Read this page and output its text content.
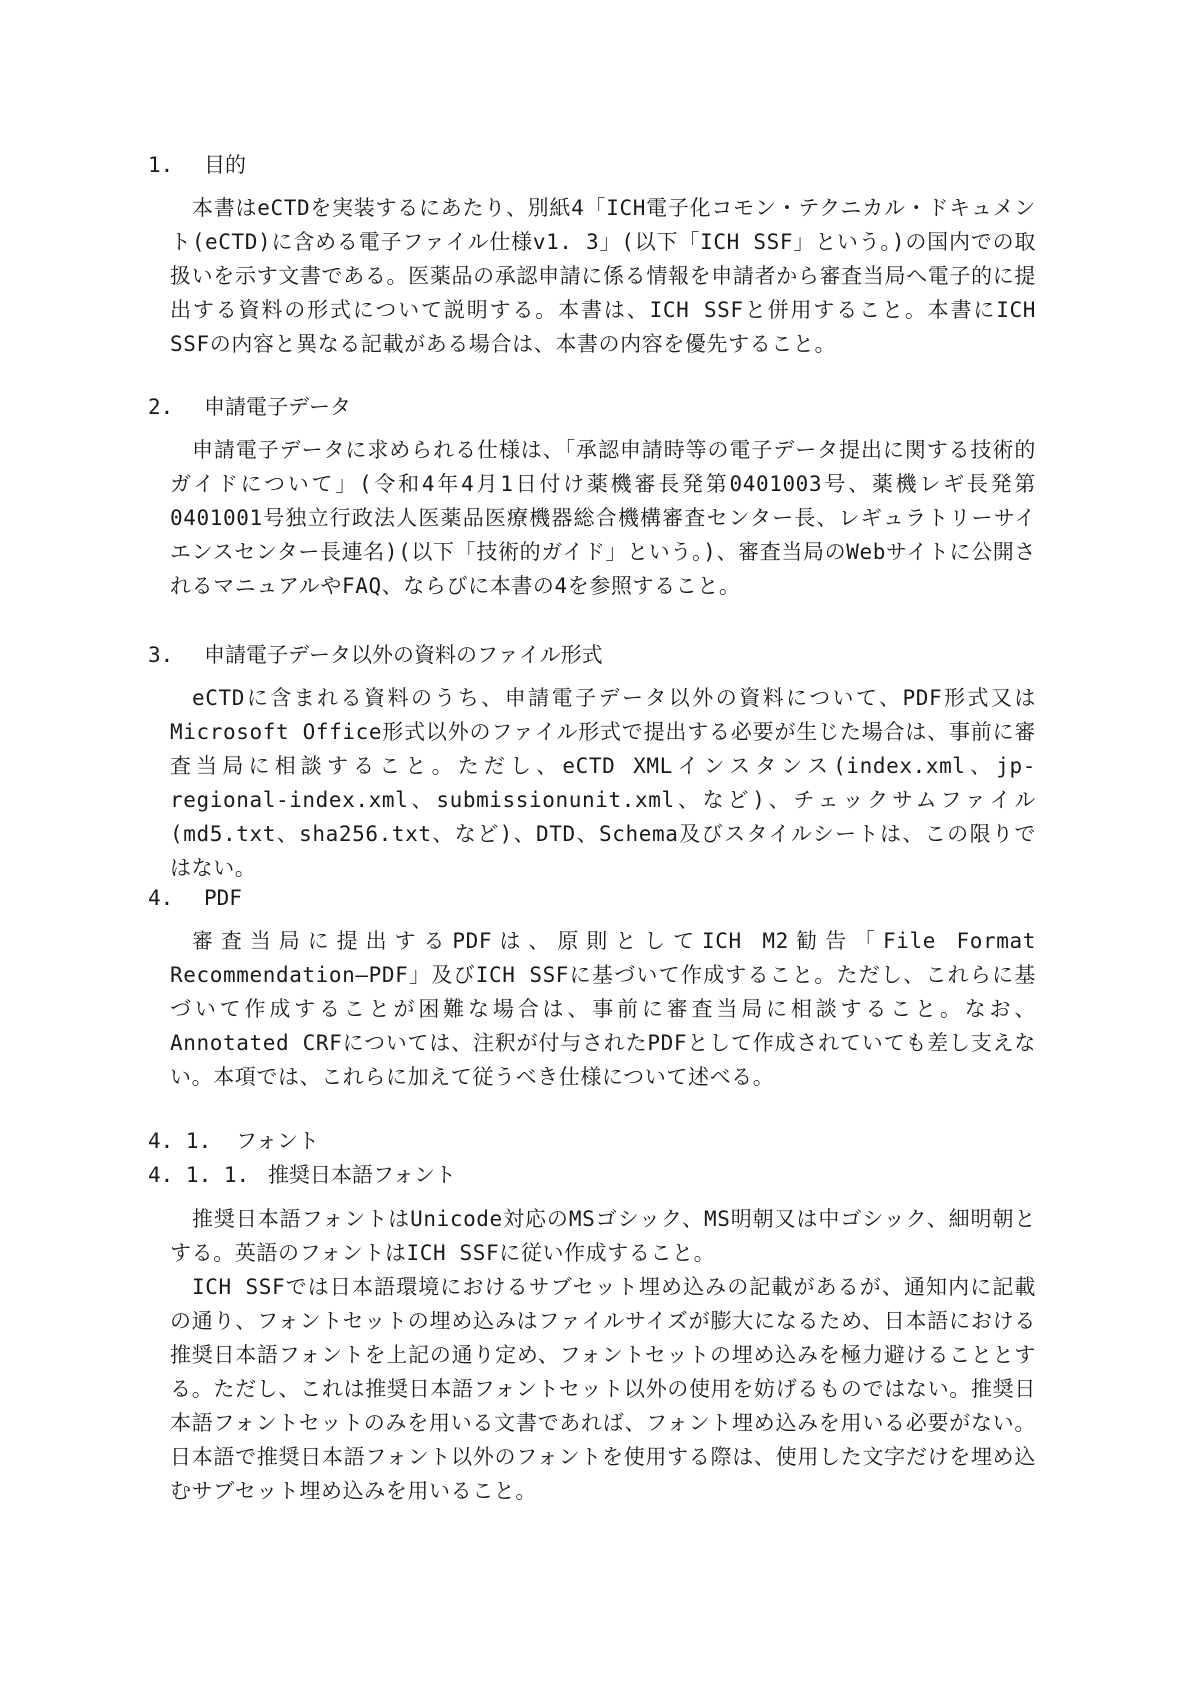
1. 目的

本書はeCTDを実装するにあたり、別紙4「ICH電子化コモン・テクニカル・ドキュメント(eCTD)に含める電子ファイル仕様v1. 3」(以下「ICH SSF」という。)の国内での取扱いを示す文書である。医薬品の承認申請に係る情報を申請者から審査当局へ電子的に提出する資料の形式について説明する。本書は、ICH SSFと併用すること。本書にICH SSFの内容と異なる記載がある場合は、本書の内容を優先すること。

2. 申請電子データ

申請電子データに求められる仕様は、「承認申請時等の電子データ提出に関する技術的ガイドについて」(令和4年4月1日付け薬機審長発第0401003号、薬機レギ長発第0401001号独立行政法人医薬品医療機器総合機構審査センター長、レギュラトリーサイエンスセンター長連名)(以下「技術的ガイド」という。)、審査当局のWebサイトに公開されるマニュアルやFAQ、ならびに本書の4を参照すること。

3. 申請電子データ以外の資料のファイル形式

eCTDに含まれる資料のうち、申請電子データ以外の資料について、PDF形式又はMicrosoft Office形式以外のファイル形式で提出する必要が生じた場合は、事前に審査当局に相談すること。ただし、eCTD XMLインスタンス(index.xml、jp-regional-index.xml、submissionunit.xml、など)、チェックサムファイル(md5.txt、sha256.txt、など)、DTD、Schema及びスタイルシートは、この限りではない。

4. PDF

審査当局に提出するPDFは、原則としてICH M2勧告「File Format Recommendation―PDF」及びICH SSFに基づいて作成すること。ただし、これらに基づいて作成することが困難な場合は、事前に審査当局に相談すること。なお、Annotated CRFについては、注釈が付与されたPDFとして作成されていても差し支えない。本項では、これらに加えて従うべき仕様について述べる。

4. 1. フォント
4. 1. 1. 推奨日本語フォント

推奨日本語フォントはUnicode対応のMSゴシック、MS明朝又は中ゴシック、細明朝とする。英語のフォントはICH SSFに従い作成すること。

ICH SSFでは日本語環境におけるサブセット埋め込みの記載があるが、通知内に記載の通り、フォントセットの埋め込みはファイルサイズが膨大になるため、日本語における推奨日本語フォントを上記の通り定め、フォントセットの埋め込みを極力避けることとする。ただし、これは推奨日本語フォントセット以外の使用を妨げるものではない。推奨日本語フォントセットのみを用いる文書であれば、フォント埋め込みを用いる必要がない。日本語で推奨日本語フォント以外のフォントを使用する際は、使用した文字だけを埋め込むサブセット埋め込みを用いること。
